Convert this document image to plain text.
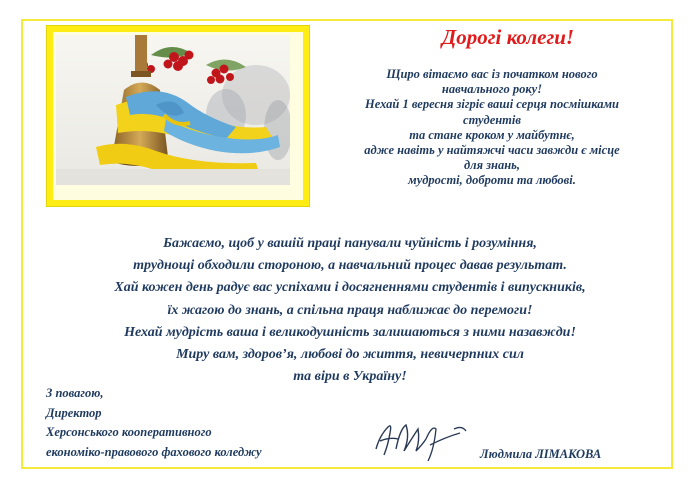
Дорогі колеги!
Щиро вітаємо вас із початком нового
навчального року!
Нехай 1 вересня зігріє ваші серця посмішками
студентів
та стане кроком у майбутнє,
адже навіть у найтяжчі часи завжди є місце
для знань,
мудрості, доброти та любові.
Бажаємо, щоб у вашій праці панували чуйність і розуміння,
труднощі обходили стороною, а навчальний процес давав результат.
Хай кожен день радує вас успіхами і досягненнями студентів і випускників,
їх жагою до знань, а спільна праця наближає до перемоги!
Нехай мудрість ваша і великодушність залишаються з ними назавжди!
Миру вам, здоров’я, любові до життя, невичерпних сил
та віри в Україну!
З повагою,
Директор
Херсонського кооперативного
економіко-правового фахового коледжу	Людмила ЛІМАКОВА
